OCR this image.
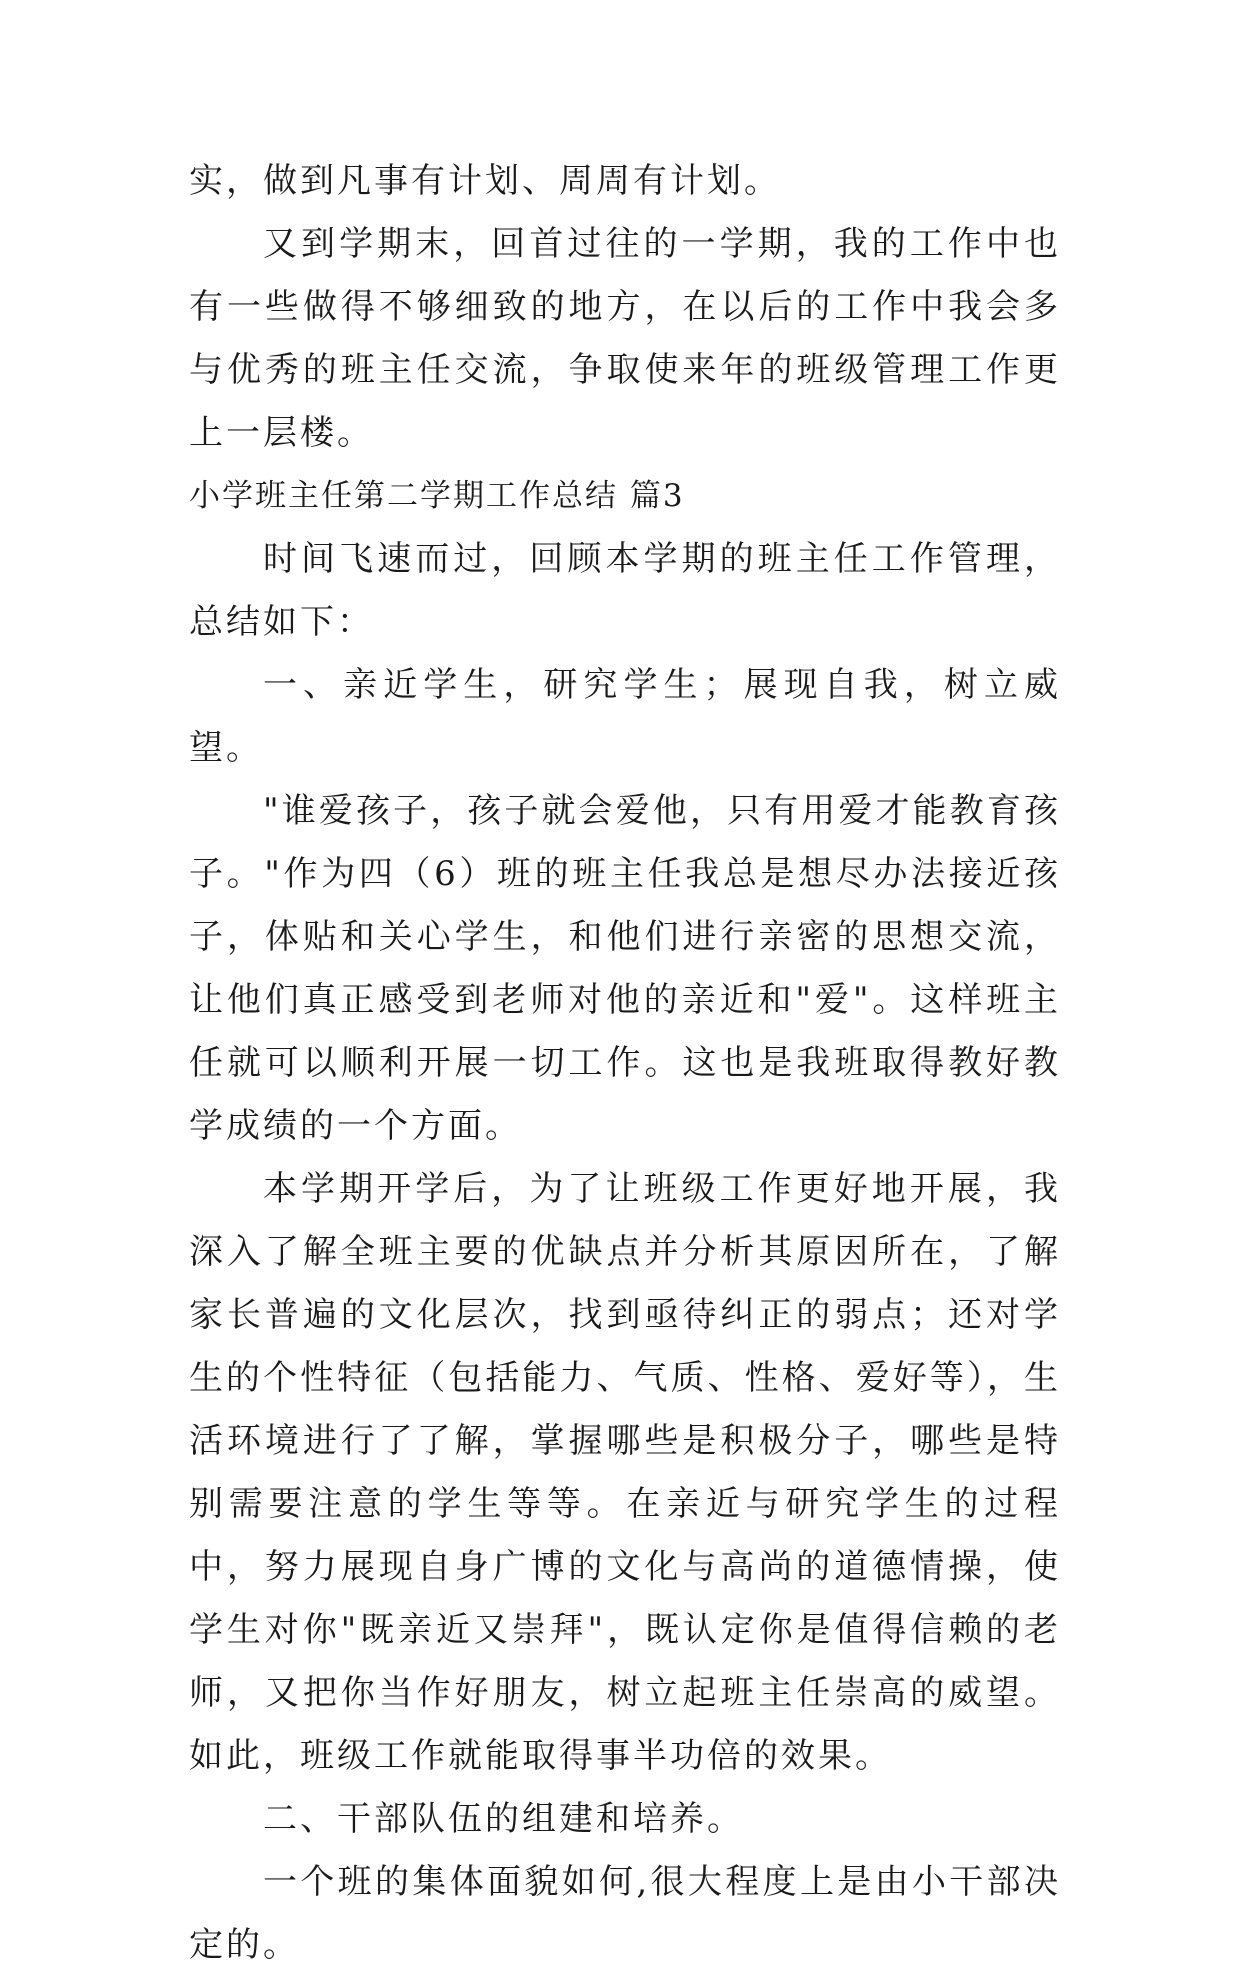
实，做到凡事有计划、周周有计划。

又到学期末，回首过往的一学期，我的工作中也有一些做得不够细致的地方，在以后的工作中我会多与优秀的班主任交流，争取使来年的班级管理工作更上一层楼。

小学班主任第二学期工作总结 篇3

时间飞速而过，回顾本学期的班主任工作管理，总结如下：

一、亲近学生，研究学生；展现自我，树立威望。

"谁爱孩子，孩子就会爱他，只有用爱才能教育孩子。"作为四（6）班的班主任我总是想尽办法接近孩子，体贴和关心学生，和他们进行亲密的思想交流，让他们真正感受到老师对他的亲近和"爱"。这样班主任就可以顺利开展一切工作。这也是我班取得教好教学成绩的一个方面。

本学期开学后，为了让班级工作更好地开展，我深入了解全班主要的优缺点并分析其原因所在，了解家长普遍的文化层次，找到亟待纠正的弱点；还对学生的个性特征（包括能力、气质、性格、爱好等），生活环境进行了了解，掌握哪些是积极分子，哪些是特别需要注意的学生等等。在亲近与研究学生的过程中，努力展现自身广博的文化与高尚的道德情操，使学生对你"既亲近又崇拜"，既认定你是值得信赖的老师，又把你当作好朋友，树立起班主任崇高的威望。如此，班级工作就能取得事半功倍的效果。

二、干部队伍的组建和培养。

一个班的集体面貌如何,很大程度上是由小干部决定的。
